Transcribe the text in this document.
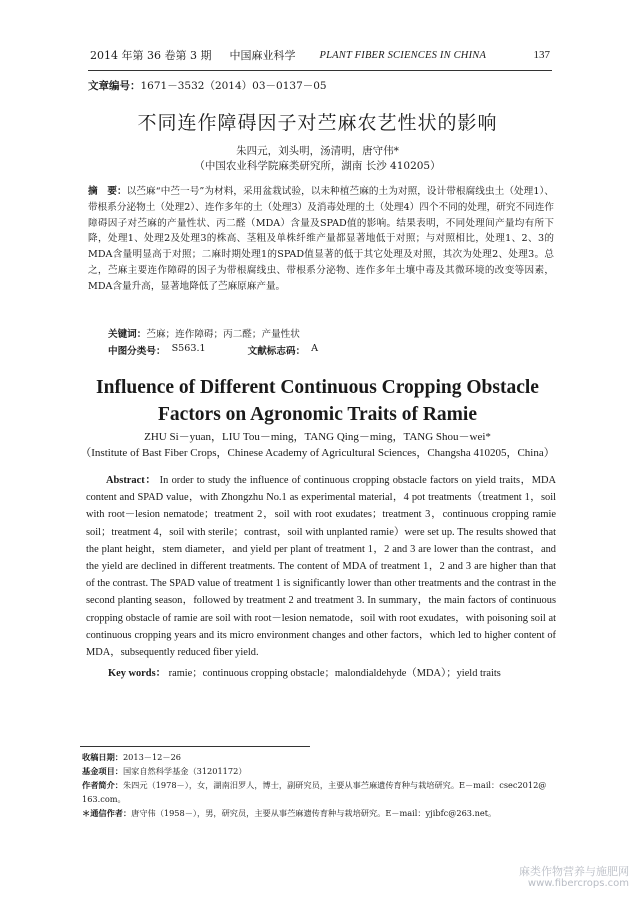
2014 年第 36 卷第 3 期 中国麻业科学 PLANT FIBER SCIENCES IN CHINA	137
文章编号：1671－3532（2014）03－0137－05
不同连作障碍因子对苎麻农艺性状的影响
朱四元，刘头明，汤清明，唐守伟*
（中国农业科学院麻类研究所，湖南 长沙 410205）
摘　要：以苎麻“中苎一号”为材料，采用盆栽试验，以未种植苎麻的土为对照，设计带根腐线虫土（处理1）、带根系分泌物土（处理2）、连作多年的土（处理3）及消毒处理的土（处理4）四个不同的处理，研究不同连作障碍因子对苎麻的产量性状、丙二醛（MDA）含量及SPAD值的影响。结果表明，不同处理间产量均有所下降，处理1、处理2及处理3的株高、茎粗及单株纤维产量都显著地低于对照；与对照相比，处理1、2、3的MDA含量明显高于对照；二麻时期处理1的SPAD值显著的低于其它处理及对照，其次为处理2、处理3。总之，苎麻主要连作障碍的因子为带根腐线虫、带根系分泌物、连作多年土壤中毒及其微环境的改变等因素，MDA含量升高，显著地降低了苎麻原麻产量。
关键词：苎麻；连作障碍；丙二醛；产量性状
中图分类号： S563.1	文献标志码： A
Influence of Different Continuous Cropping Obstacle
Factors on Agronomic Traits of Ramie
ZHU Si－yuan，LIU Tou－ming，TANG Qing－ming，TANG Shou－wei*
（Institute of Bast Fiber Crops，Chinese Academy of Agricultural Sciences，Changsha 410205，China）
Abstract： In order to study the influence of continuous cropping obstacle factors on yield traits，MDA content and SPAD value，with Zhongzhu No.1 as experimental material，4 pot treatments（treatment 1，soil with root－lesion nematode；treatment 2，soil with root exudates；treatment 3，continuous cropping ramie soil；treatment 4，soil with sterile；contrast，soil with unplanted ramie）were set up. The results showed that the plant height，stem diameter，and yield per plant of treatment 1，2 and 3 are lower than the contrast，and the yield are declined in different treatments. The content of MDA of treatment 1，2 and 3 are higher than that of the contrast. The SPAD value of treatment 1 is significantly lower than other treatments and the contrast in the second planting season，followed by treatment 2 and treatment 3. In summary，the main factors of continuous cropping obstacle of ramie are soil with root－lesion nematode，soil with root exudates，with poisoning soil at continuous cropping years and its micro environment changes and other factors，which led to higher content of MDA，subsequently reduced fiber yield.
Key words： ramie；continuous cropping obstacle；malondialdehyde（MDA）；yield traits
收稿日期：2013－12－26
基金项目：国家自然科学基金（31201172）
作者简介：朱四元（1978－），女，湖南汨罗人，博士，副研究员，主要从事苎麻遗传育种与栽培研究。E－mail：csec2012@
163.com。
＊通信作者：唐守伟（1958－），男，研究员，主要从事苎麻遗传育种与栽培研究。E－mail：yjibfc@263.net。
麻类作物营养与施肥网
www.fibercrops.com
